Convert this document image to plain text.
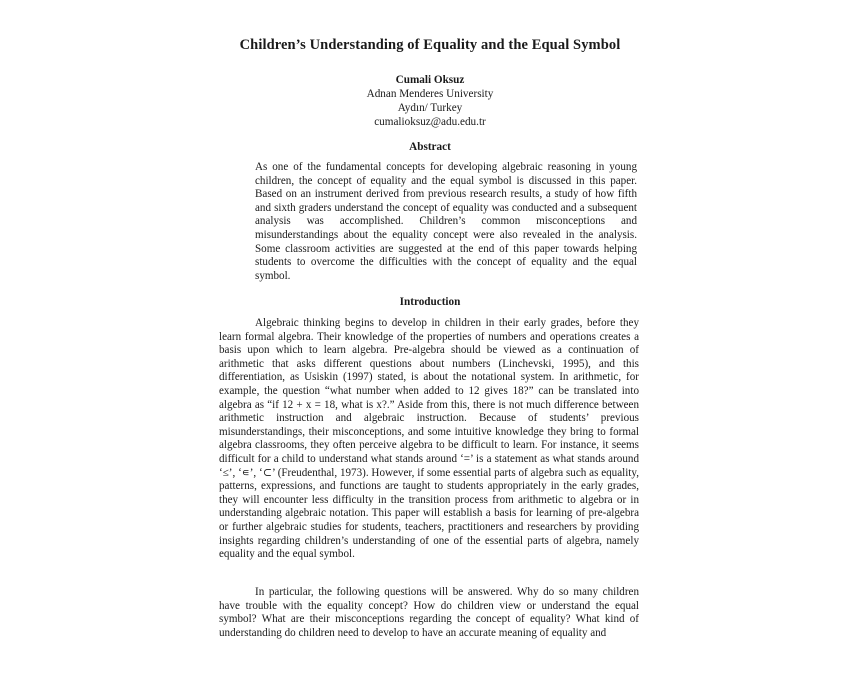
Children’s Understanding of Equality and the Equal Symbol
Cumali Oksuz
Adnan Menderes University
Aydın/ Turkey
cumalioksuz@adu.edu.tr
Abstract
As one of the fundamental concepts for developing algebraic reasoning in young children, the concept of equality and the equal symbol is discussed in this paper. Based on an instrument derived from previous research results, a study of how fifth and sixth graders understand the concept of equality was conducted and a subsequent analysis was accomplished. Children’s common misconceptions and misunderstandings about the equality concept were also revealed in the analysis. Some classroom activities are suggested at the end of this paper towards helping students to overcome the difficulties with the concept of equality and the equal symbol.
Introduction

Algebraic thinking begins to develop in children in their early grades, before they learn formal algebra. Their knowledge of the properties of numbers and operations creates a basis upon which to learn algebra. Pre-algebra should be viewed as a continuation of arithmetic that asks different questions about numbers (Linchevski, 1995), and this differentiation, as Usiskin (1997) stated, is about the notational system. In arithmetic, for example, the question “what number when added to 12 gives 18?” can be translated into algebra as “if 12 + x = 18, what is x?.” Aside from this, there is not much difference between arithmetic instruction and algebraic instruction. Because of students’ previous misunderstandings, their misconceptions, and some intuitive knowledge they bring to formal algebra classrooms, they often perceive algebra to be difficult to learn. For instance, it seems difficult for a child to understand what stands around ‘=’ is a statement as what stands around ‘≤’, ‘∊’, ‘⊂’ (Freudenthal, 1973). However, if some essential parts of algebra such as equality, patterns, expressions, and functions are taught to students appropriately in the early grades, they will encounter less difficulty in the transition process from arithmetic to algebra or in understanding algebraic notation. This paper will establish a basis for learning of pre-algebra or further algebraic studies for students, teachers, practitioners and researchers by providing insights regarding children’s understanding of one of the essential parts of algebra, namely equality and the equal symbol.

In particular, the following questions will be answered. Why do so many children have trouble with the equality concept? How do children view or understand the equal symbol? What are their misconceptions regarding the concept of equality? What kind of understanding do children need to develop to have an accurate meaning of equality and
